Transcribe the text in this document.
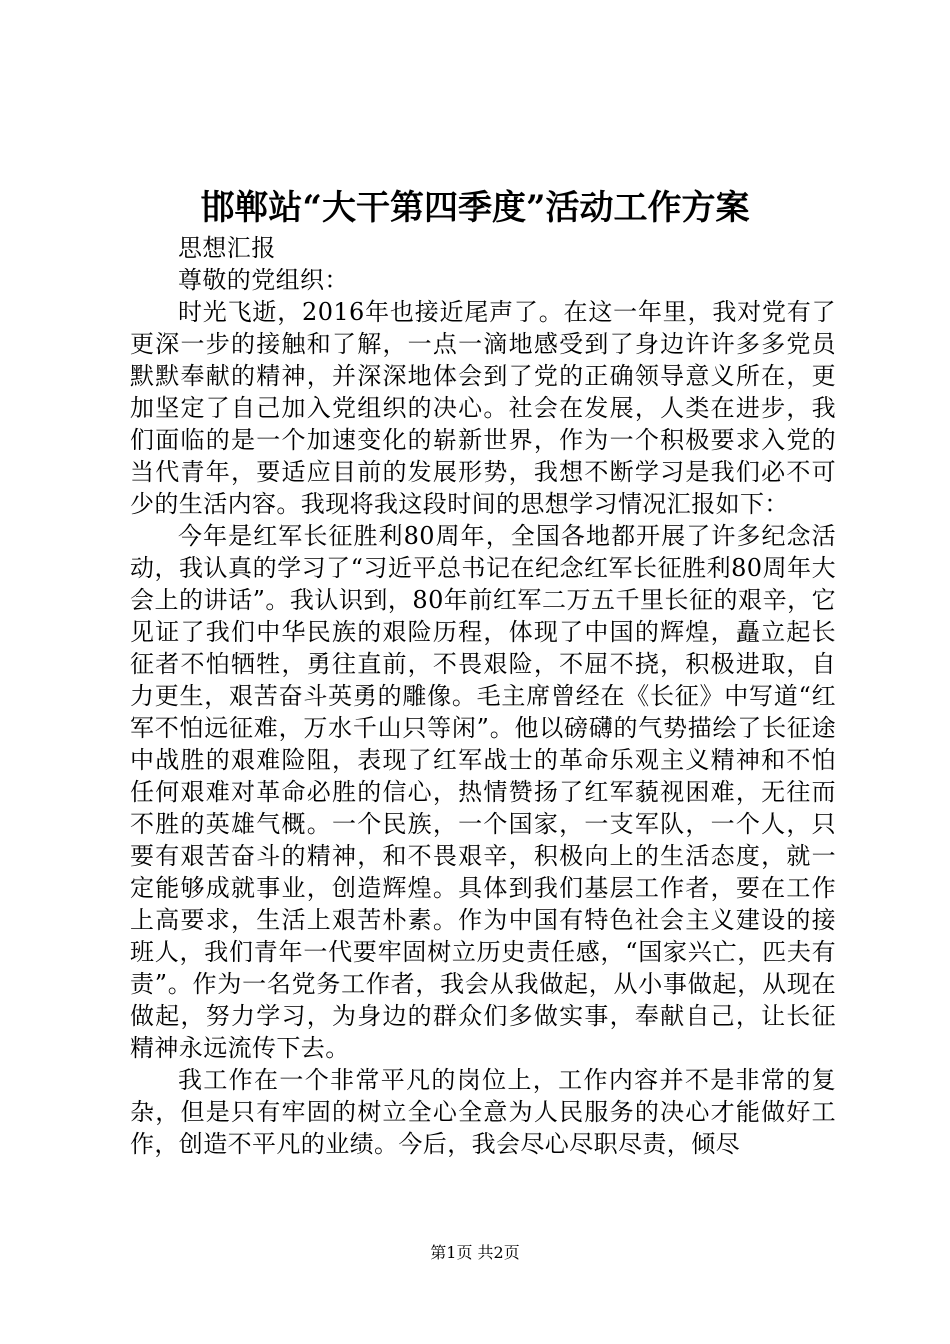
邯郸站“大干第四季度”活动工作方案

思想汇报

尊敬的党组织：

时光飞逝，2016年也接近尾声了。在这一年里，我对党有了更深一步的接触和了解，一点一滴地感受到了身边许许多多党员默默奉献的精神，并深深地体会到了党的正确领导意义所在，更加坚定了自己加入党组织的决心。社会在发展，人类在进步，我们面临的是一个加速变化的崭新世界，作为一个积极要求入党的当代青年，要适应目前的发展形势，我想不断学习是我们必不可少的生活内容。我现将我这段时间的思想学习情况汇报如下：

今年是红军长征胜利80周年，全国各地都开展了许多纪念活动，我认真的学习了“习近平总书记在纪念红军长征胜利80周年大会上的讲话”。我认识到，80年前红军二万五千里长征的艰辛，它见证了我们中华民族的艰险历程，体现了中国的辉煌，矗立起长征者不怕牺牲，勇往直前，不畏艰险，不屈不挠，积极进取，自力更生，艰苦奋斗英勇的雕像。毛主席曾经在《长征》中写道“红军不怕远征难，万水千山只等闲”。他以磅礴的气势描绘了长征途中战胜的艰难险阻，表现了红军战士的革命乐观主义精神和不怕任何艰难对革命必胜的信心，热情赞扬了红军藐视困难，无往而不胜的英雄气概。一个民族，一个国家，一支军队，一个人，只要有艰苦奋斗的精神，和不畏艰辛，积极向上的生活态度，就一定能够成就事业，创造辉煌。具体到我们基层工作者，要在工作上高要求，生活上艰苦朴素。作为中国有特色社会主义建设的接班人，我们青年一代要牢固树立历史责任感，“国家兴亡，匹夫有责”。作为一名党务工作者，我会从我做起，从小事做起，从现在做起，努力学习，为身边的群众们多做实事，奉献自己，让长征精神永远流传下去。

我工作在一个非常平凡的岗位上，工作内容并不是非常的复杂，但是只有牢固的树立全心全意为人民服务的决心才能做好工作，创造不平凡的业绩。今后，我会尽心尽职尽责，倾尽

第1页 共2页
